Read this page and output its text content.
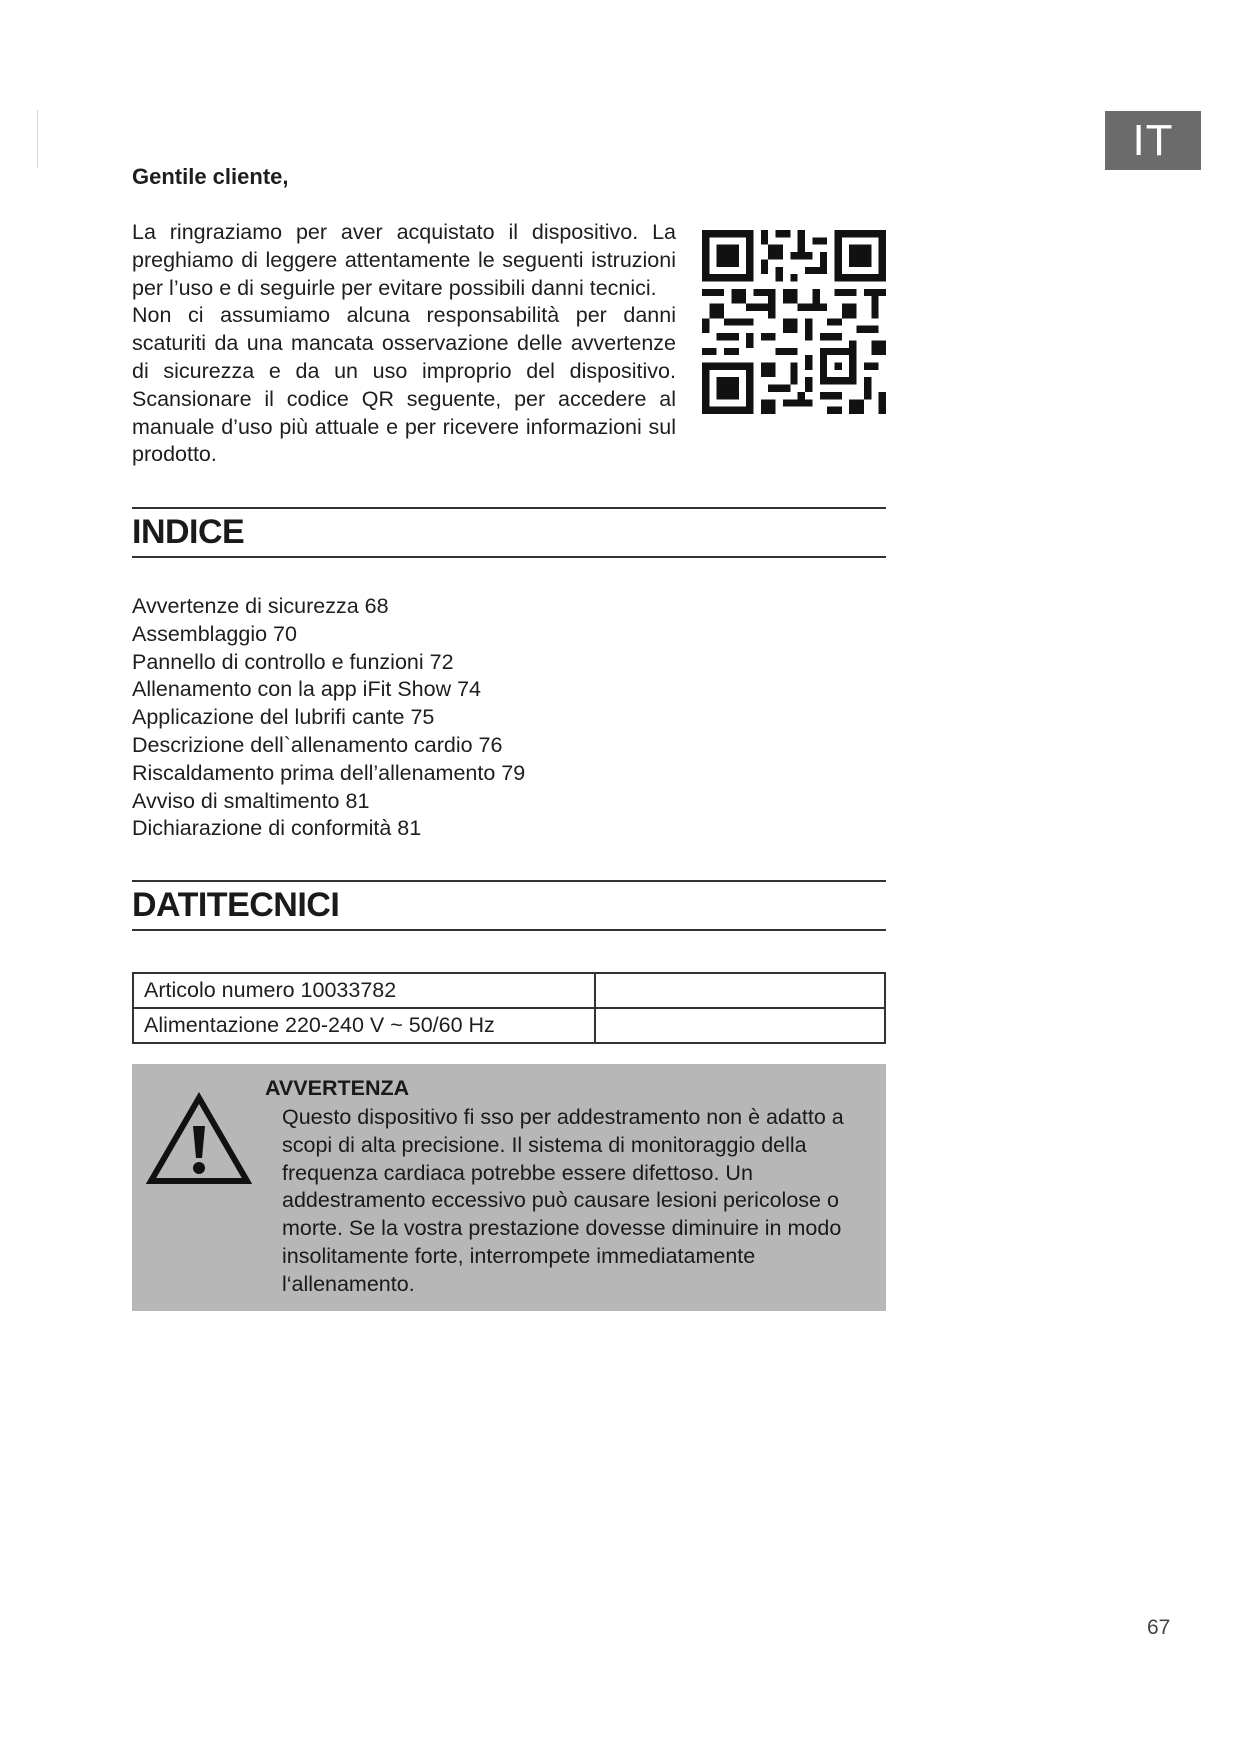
IT

Gentile cliente,

La ringraziamo per aver acquistato il dispositivo. La preghiamo di leggere attentamente le seguenti istruzioni per l’uso e di seguirle per evitare possibili danni tecnici.
Non ci assumiamo alcuna responsabilità per danni scaturiti da una mancata osservazione delle avvertenze di sicurezza e da un uso improprio del dispositivo. Scansionare il codice QR seguente, per accedere al manuale d’uso più attuale e per ricevere informazioni sul prodotto.
INDICE
Avvertenze di sicurezza 68
Assemblaggio 70
Pannello di controllo e funzioni 72
Allenamento con la app iFit Show 74
Applicazione del lubrifi cante 75
Descrizione dell`allenamento cardio 76
Riscaldamento prima dell’allenamento 79
Avviso di smaltimento 81
Dichiarazione di conformità 81
DATITECNICI
Articolo numero 10033782	
Alimentazione 220-240 V ~ 50/60 Hz	
AVVERTENZA

Questo dispositivo fi sso per addestramento non è adatto a scopi di alta precisione. Il sistema di monitoraggio della frequenza cardiaca potrebbe essere difettoso. Un addestramento eccessivo può causare lesioni pericolose o morte. Se la vostra prestazione dovesse diminuire in modo insolitamente forte, interrompete immediatamente l‘allenamento.

67
